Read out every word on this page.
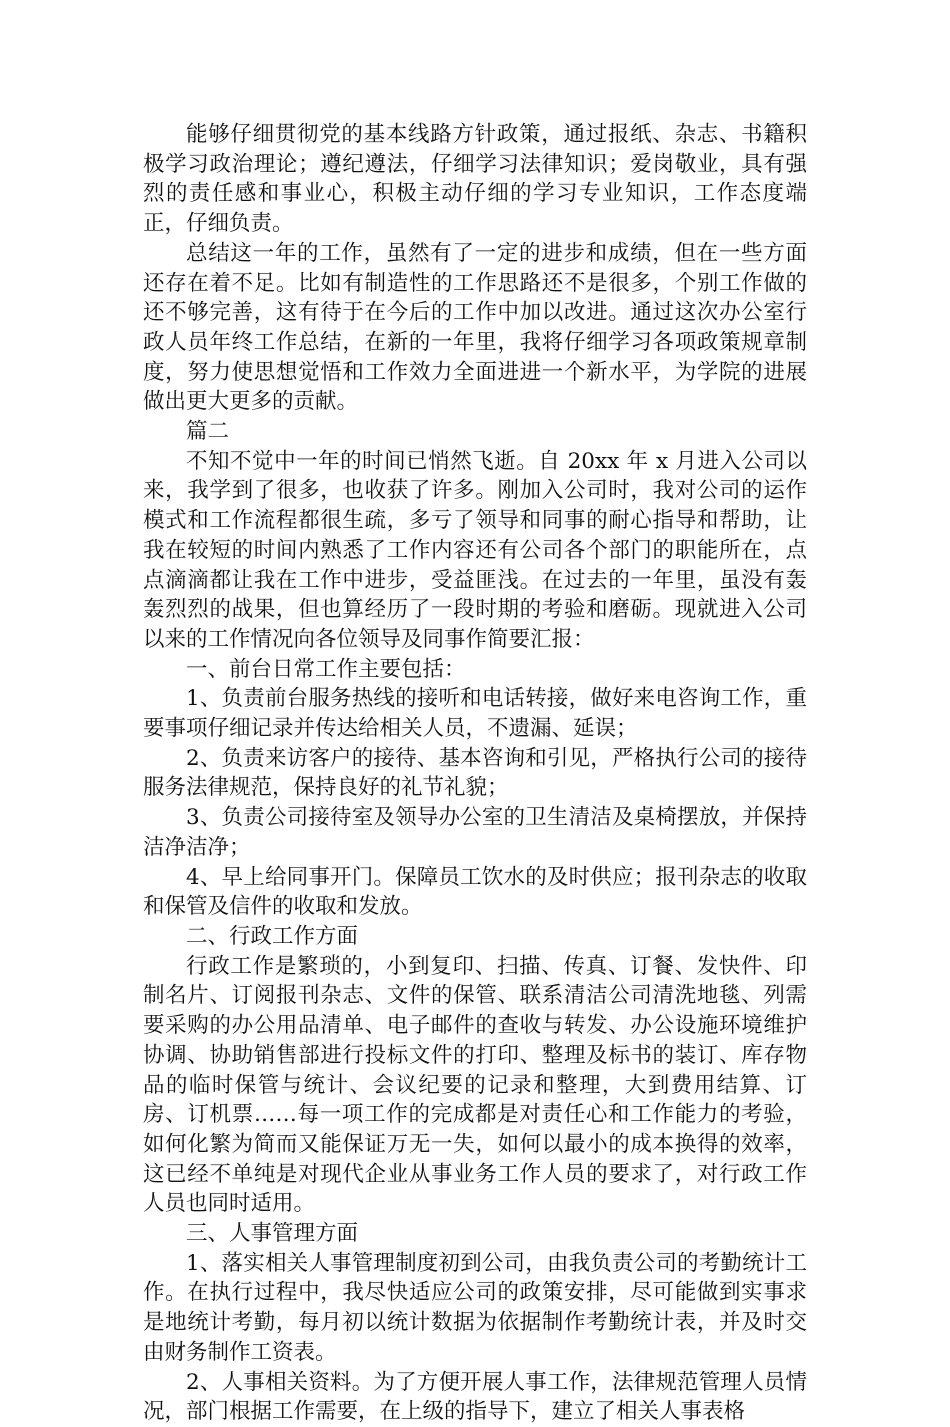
能够仔细贯彻党的基本线路方针政策，通过报纸、杂志、书籍积极学习政治理论；遵纪遵法，仔细学习法律知识；爱岗敬业，具有强烈的责任感和事业心，积极主动仔细的学习专业知识，工作态度端正，仔细负责。

总结这一年的工作，虽然有了一定的进步和成绩，但在一些方面还存在着不足。比如有制造性的工作思路还不是很多，个别工作做的还不够完善，这有待于在今后的工作中加以改进。通过这次办公室行政人员年终工作总结，在新的一年里，我将仔细学习各项政策规章制度，努力使思想觉悟和工作效力全面进进一个新水平，为学院的进展做出更大更多的贡献。

篇二

不知不觉中一年的时间已悄然飞逝。自 20xx 年 x 月进入公司以来，我学到了很多，也收获了许多。刚加入公司时，我对公司的运作模式和工作流程都很生疏，多亏了领导和同事的耐心指导和帮助，让我在较短的时间内熟悉了工作内容还有公司各个部门的职能所在，点点滴滴都让我在工作中进步，受益匪浅。在过去的一年里，虽没有轰轰烈烈的战果，但也算经历了一段时期的考验和磨砺。现就进入公司以来的工作情况向各位领导及同事作简要汇报：

一、前台日常工作主要包括：

1、负责前台服务热线的接听和电话转接，做好来电咨询工作，重要事项仔细记录并传达给相关人员，不遗漏、延误；

2、负责来访客户的接待、基本咨询和引见，严格执行公司的接待服务法律规范，保持良好的礼节礼貌；

3、负责公司接待室及领导办公室的卫生清洁及桌椅摆放，并保持洁净洁净；

4、早上给同事开门。保障员工饮水的及时供应；报刊杂志的收取和保管及信件的收取和发放。

二、行政工作方面

行政工作是繁琐的，小到复印、扫描、传真、订餐、发快件、印制名片、订阅报刊杂志、文件的保管、联系清洁公司清洗地毯、列需要采购的办公用品清单、电子邮件的查收与转发、办公设施环境维护协调、协助销售部进行投标文件的打印、整理及标书的装订、库存物品的临时保管与统计、会议纪要的记录和整理，大到费用结算、订房、订机票……每一项工作的完成都是对责任心和工作能力的考验，如何化繁为简而又能保证万无一失，如何以最小的成本换得的效率，这已经不单纯是对现代企业从事业务工作人员的要求了，对行政工作人员也同时适用。

三、人事管理方面

1、落实相关人事管理制度初到公司，由我负责公司的考勤统计工作。在执行过程中，我尽快适应公司的政策安排，尽可能做到实事求是地统计考勤，每月初以统计数据为依据制作考勤统计表，并及时交由财务制作工资表。

2、人事相关资料。为了方便开展人事工作，法律规范管理人员情况，部门根据工作需要，在上级的指导下，建立了相关人事表格
